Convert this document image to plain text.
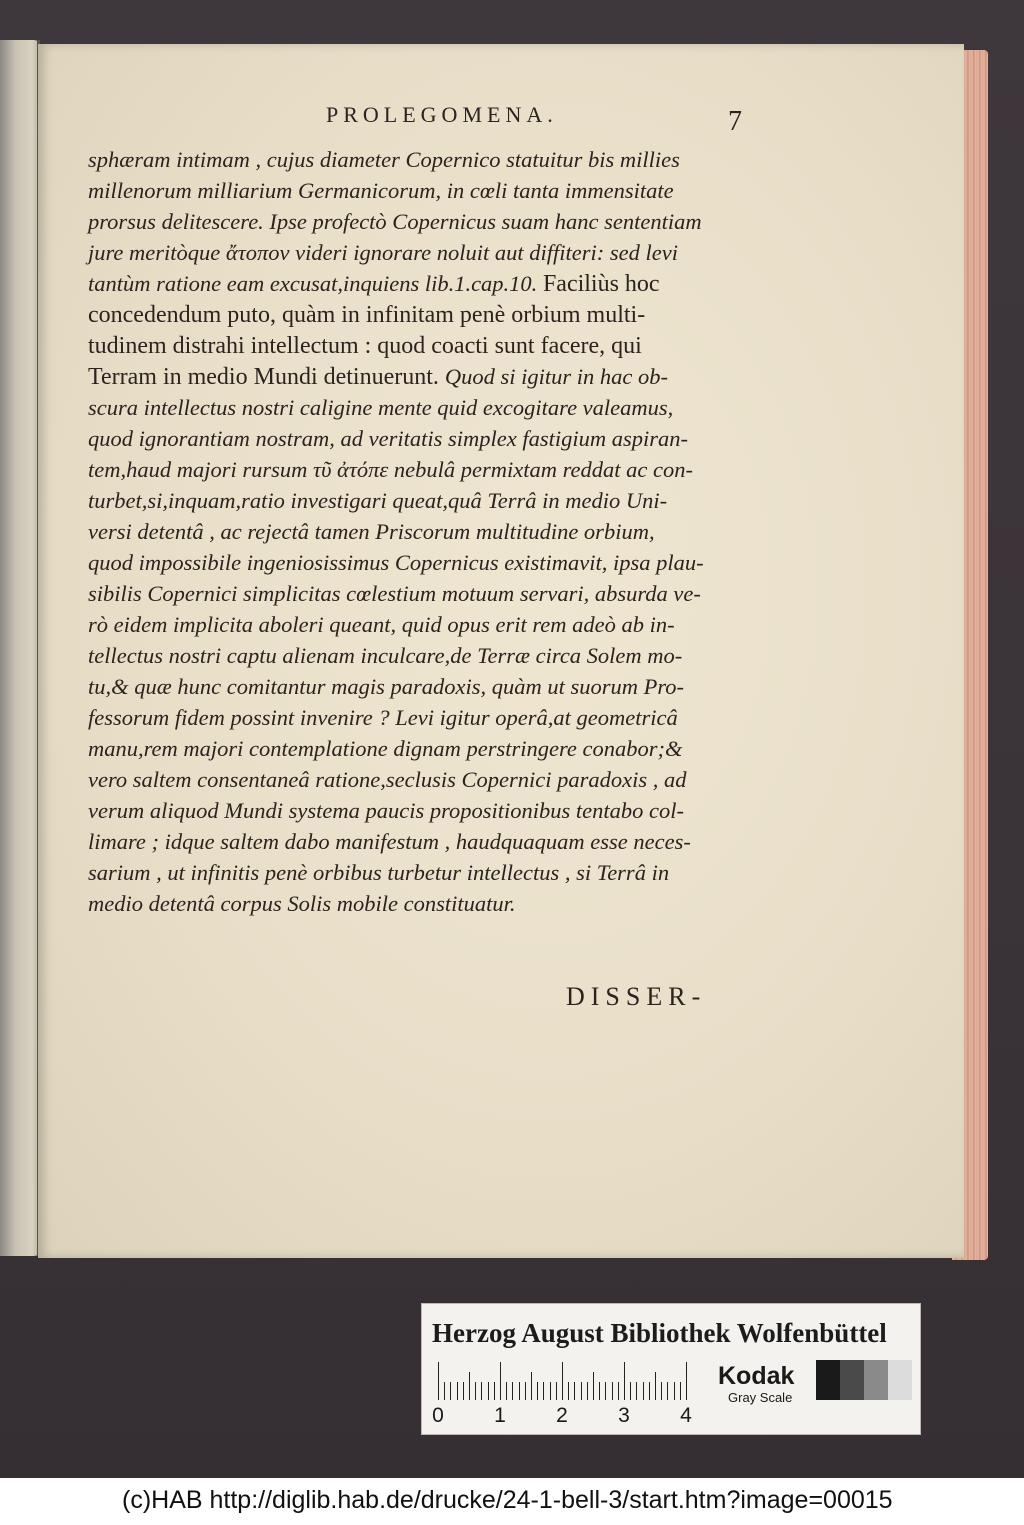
PROLEGOMENA.	7
sphæram intimam , cujus diameter Copernico statuitur bis millies
millenorum milliarium Germanicorum, in cœli tanta immensitate
prorsus delitescere. Ipse profectò Copernicus suam hanc sententiam
jure meritòque ἄτοπον videri ignorare noluit aut diffiteri: sed levi
tantùm ratione eam excusat,inquiens lib.1.cap.10. Faciliùs hoc
concedendum puto, quàm in infinitam penè orbium multi-
tudinem distrahi intellectum : quod coacti sunt facere, qui
Terram in medio Mundi detinuerunt. Quod si igitur in hac ob-
scura intellectus nostri caligine mente quid excogitare valeamus,
quod ignorantiam nostram, ad veritatis simplex fastigium aspiran-
tem,haud majori rursum τῦ ἀτόπε nebulâ permixtam reddat ac con-
turbet,si,inquam,ratio investigari queat,quâ Terrâ in medio Uni-
versi detentâ , ac rejectâ tamen Priscorum multitudine orbium,
quod impossibile ingeniosissimus Copernicus existimavit, ipsa plau-
sibilis Copernici simplicitas cœlestium motuum servari, absurda ve-
rò eidem implicita aboleri queant, quid opus erit rem adeò ab in-
tellectus nostri captu alienam inculcare,de Terræ circa Solem mo-
tu,& quæ hunc comitantur magis paradoxis, quàm ut suorum Pro-
fessorum fidem possint invenire ? Levi igitur operâ,at geometricâ
manu,rem majori contemplatione dignam perstringere conabor;&
vero saltem consentaneâ ratione,seclusis Copernici paradoxis , ad
verum aliquod Mundi systema paucis propositionibus tentabo col-
limare ; idque saltem dabo manifestum , haudquaquam esse neces-
sarium , ut infinitis penè orbibus turbetur intellectus , si Terrâ in
medio detentâ corpus Solis mobile constituatur.
DISSER-
Herzog August Bibliothek Wolfenbüttel
0 1 2 3 4
Kodak
Gray Scale
(c)HAB http://diglib.hab.de/drucke/24-1-bell-3/start.htm?image=00015
